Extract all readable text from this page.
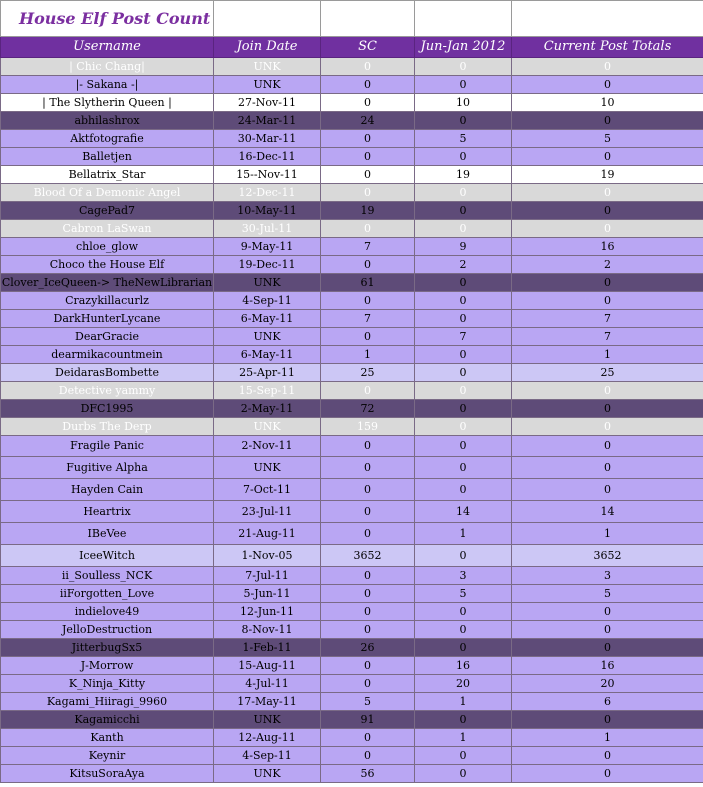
House Elf Post Count				
Username	Join Date	SC	Jun-Jan 2012	Current Post Totals
| Chic Chang|	UNK	0	0	0
|- Sakana -|	UNK	0	0	0
| The Slytherin Queen |	27-Nov-11	0	10	10
abhilashrox	24-Mar-11	24	0	0
Aktfotografie	30-Mar-11	0	5	5
Balletjen	16-Dec-11	0	0	0
Bellatrix_Star	15--Nov-11	0	19	19
Blood Of a Demonic Angel	12-Dec-11	0	0	0
CagePad7	10-May-11	19	0	0
Cabron LaSwan	30-Jul-11	0	0	0
chloe_glow	9-May-11	7	9	16
Choco the House Elf	19-Dec-11	0	2	2
Clover_IceQueen-> TheNewLibrarian	UNK	61	0	0
Crazykillacurlz	4-Sep-11	0	0	0
DarkHunterLycane	6-May-11	7	0	7
DearGracie	UNK	0	7	7
dearmikacountmein	6-May-11	1	0	1
DeidarasBombette	25-Apr-11	25	0	25
Detective yammy	15-Sep-11	0	0	0
DFC1995	2-May-11	72	0	0
Durbs The Derp	UNK	159	0	0
Fragile Panic	2-Nov-11	0	0	0
Fugitive Alpha	UNK	0	0	0
Hayden Cain	7-Oct-11	0	0	0
Heartrix	23-Jul-11	0	14	14
IBeVee	21-Aug-11	0	1	1
IceeWitch	1-Nov-05	3652	0	3652
ii_Soulless_NCK	7-Jul-11	0	3	3
iiForgotten_Love	5-Jun-11	0	5	5
indielove49	12-Jun-11	0	0	0
JelloDestruction	8-Nov-11	0	0	0
JitterbugSx5	1-Feb-11	26	0	0
J-Morrow	15-Aug-11	0	16	16
K_Ninja_Kitty	4-Jul-11	0	20	20
Kagami_Hiiragi_9960	17-May-11	5	1	6
Kagamicchi	UNK	91	0	0
Kanth	12-Aug-11	0	1	1
Keynir	4-Sep-11	0	0	0
KitsuSoraAya	UNK	56	0	0
